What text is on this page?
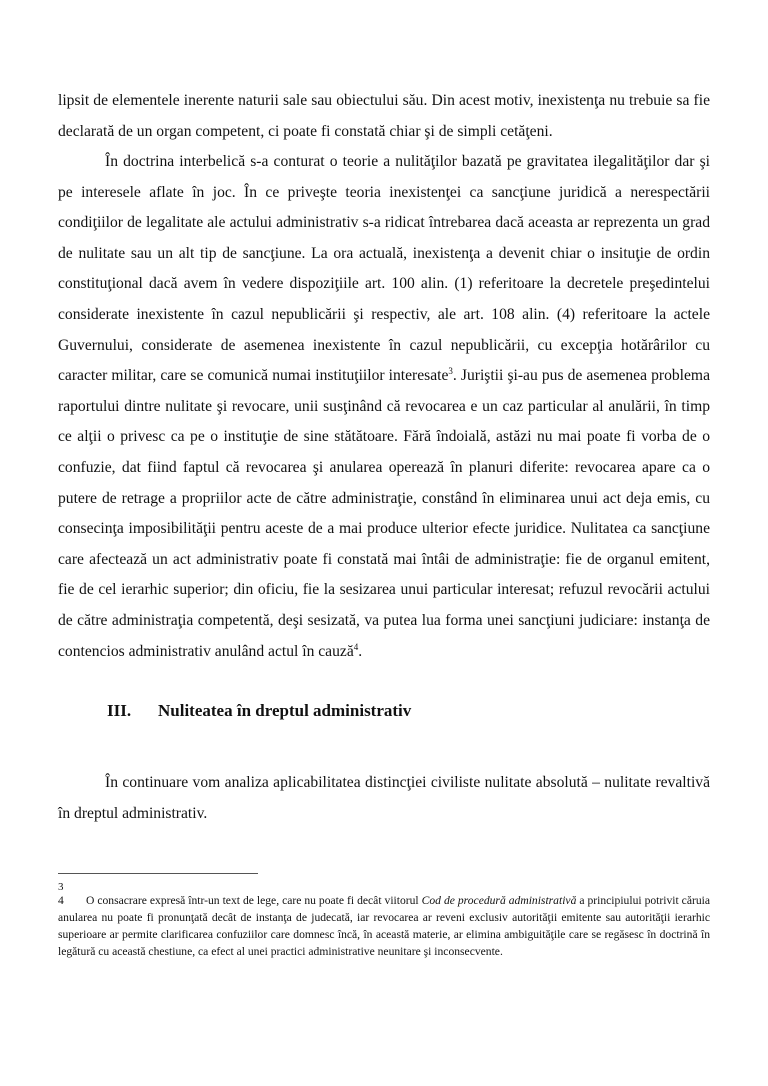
lipsit de elementele inerente naturii sale sau obiectului său. Din acest motiv, inexistenţa nu trebuie sa fie declarată de un organ competent, ci poate fi constată chiar şi de simpli cetăţeni.

În doctrina interbelică s-a conturat o teorie a nulităţilor bazată pe gravitatea ilegalităţilor dar şi pe interesele aflate în joc. În ce priveşte teoria inexistenţei ca sancţiune juridică a nerespectării condiţiilor de legalitate ale actului administrativ s-a ridicat întrebarea dacă aceasta ar reprezenta un grad de nulitate sau un alt tip de sancţiune. La ora actuală, inexistenţa a devenit chiar o insituţie de ordin constituţional dacă avem în vedere dispoziţiile art. 100 alin. (1) referitoare la decretele preşedintelui considerate inexistente în cazul nepublicării şi respectiv, ale art. 108 alin. (4) referitoare la actele Guvernului, considerate de asemenea inexistente în cazul nepublicării, cu excepţia hotărârilor cu caracter militar, care se comunică numai instituţiilor interesate$^3$. Juriştii şi-au pus de asemenea problema raportului dintre nulitate şi revocare, unii susţinând că revocarea e un caz particular al anulării, în timp ce alţii o privesc ca pe o instituţie de sine stătătoare. Fără îndoială, astăzi nu mai poate fi vorba de o confuzie, dat fiind faptul că revocarea şi anularea operează în planuri diferite: revocarea apare ca o putere de retrage a propriilor acte de către administraţie, constând în eliminarea unui act deja emis, cu consecinţa imposibilităţii pentru aceste de a mai produce ulterior efecte juridice. Nulitatea ca sancţiune care afectează un act administrativ poate fi constată mai întâi de administraţie: fie de organul emitent, fie de cel ierarhic superior; din oficiu, fie la sesizarea unui particular interesat; refuzul revocării actului de către administraţia competentă, deşi sesizată, va putea lua forma unei sancţiuni judiciare: instanţa de contencios administrativ anulând actul în cauză$^4$.

III. Nuliteatea în dreptul administrativ

În continuare vom analiza aplicabilitatea distincţiei civiliste nulitate absolută – nulitate revaltivă în dreptul administrativ.

3
4 O consacrare expresă într-un text de lege, care nu poate fi decât viitorul Cod de procedură administrativă a principiului potrivit căruia anularea nu poate fi pronunţată decât de instanţa de judecată, iar revocarea ar reveni exclusiv autorităţii emitente sau autorităţii ierarhic superioare ar permite clarificarea confuziilor care domnesc încă, în această materie, ar elimina ambiguităţile care se regăsesc în doctrină în legătură cu această chestiune, ca efect al unei practici administrative neunitare şi inconsecvente.
